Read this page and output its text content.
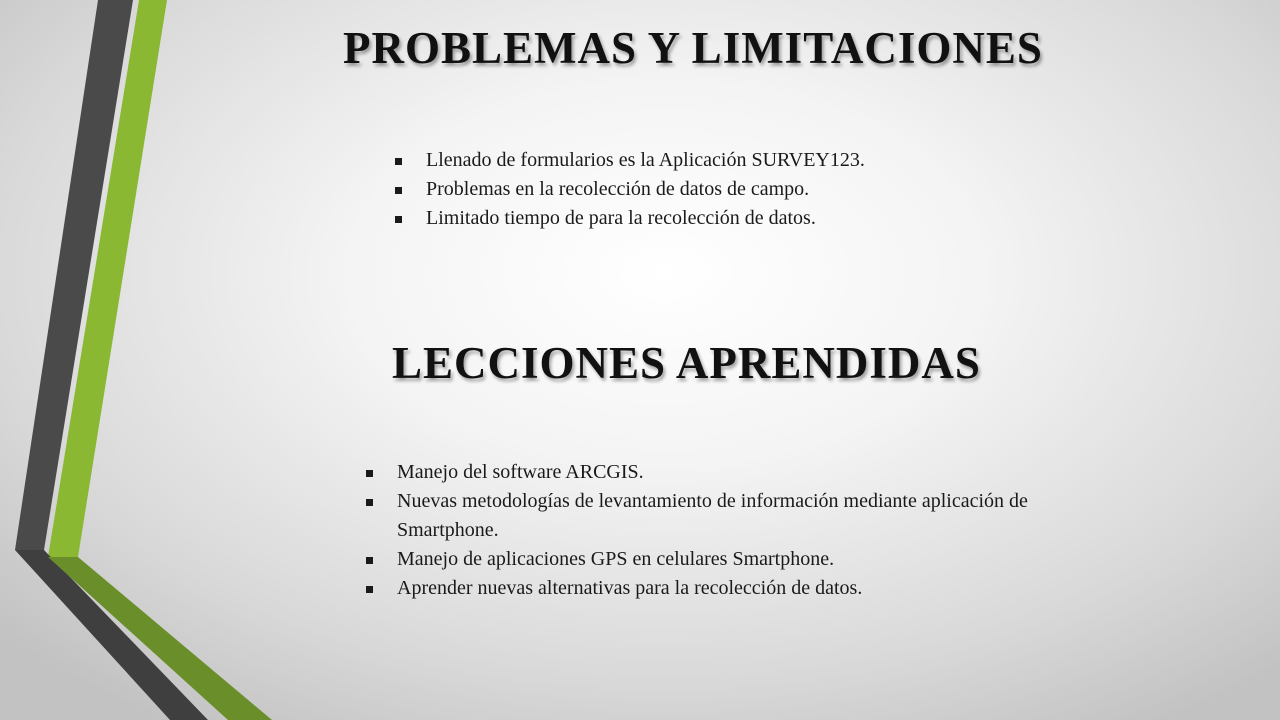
PROBLEMAS Y LIMITACIONES
Llenado de formularios es la Aplicación SURVEY123.
Problemas en la recolección de datos de campo.
Limitado tiempo de para la recolección de datos.
LECCIONES APRENDIDAS
Manejo del software ARCGIS.
Nuevas metodologías de levantamiento de información mediante aplicación de Smartphone.
Manejo de aplicaciones GPS en celulares Smartphone.
Aprender nuevas alternativas para la recolección de datos.
